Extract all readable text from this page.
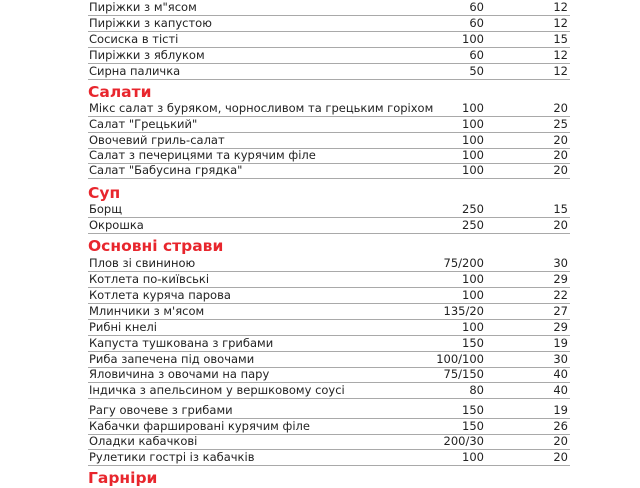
Пиріжки з м"ясом	60	12
Пиріжки з капустою	60	12
Сосиска в тісті	100	15
Пиріжки з яблуком	60	12
Сирна паличка	50	12
Салати
Мікс салат з буряком, чорносливом та грецьким горіхом	100	20
Салат "Грецький"	100	25
Овочевий гриль-салат	100	20
Салат з печерицями та курячим філе	100	20
Салат "Бабусина грядка"	100	20
Суп
Борщ	250	15
Окрошка	250	20
Основні страви
Плов зі свининою	75/200	30
Котлета по-київські	100	29
Котлета куряча парова	100	22
Млинчики з м'ясом	135/20	27
Рибні кнелі	100	29
Капуста тушкована з грибами	150	19
Риба запечена під овочами	100/100	30
Яловичина з овочами на пару	75/150	40
Індичка з апельсином у вершковому соусі	80	40
Рагу овочеве з грибами	150	19
Кабачки фаршировані курячим філе	150	26
Оладки кабачкові	200/30	20
Рулетики гострі із кабачків	100	20
Гарніри
